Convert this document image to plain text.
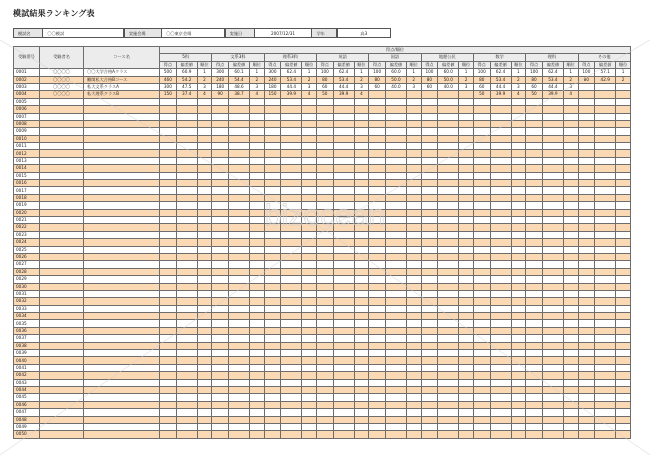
模試結果ランキング表
模試名	〇〇模試	実施会場	〇〇東京会場	実施日	2007/12/31	学年	高3
受験番号	受験者名	コース名	得点/順位																										
			5科			文系3科			理系3科			英語			国語			地歴公民			数学			理科			その他		
			得点	偏差値	順位	得点	偏差値	順位	得点	偏差値	順位	得点	偏差値	順位	得点	偏差値	順位	得点	偏差値	順位	得点	偏差値	順位	得点	偏差値	順位	得点	偏差値	順位
0001	〇〇〇〇	〇〇大学合格Aクラス	500	60.9	1	300	60.1	1	300	62.4	1	100	62.4	1	100	60.0	1	100	60.0	1	100	62.4	1	100	62.4	1	100	57.1	1
0002	〇〇〇〇	難関私大合格Bコース	460	54.2	2	240	54.4	2	240	53.4	2	80	53.4	2	80	50.0	2	80	50.0	2	80	53.4	2	80	53.4	2	80	42.9	2
0003	〇〇〇〇	私大文系クラスA	300	47.5	3	180	48.6	3	180	44.4	3	60	44.4	3	60	40.0	3	60	40.0	3	60	44.4	3	60	44.4	3			
0004	〇〇〇〇	私大理系クラスB	150	37.4	4	90	38.7	4	150	39.9	4	50	39.9	4							50	39.9	4	50	39.9	4			
0005																													
0006																													
0007																													
0008																													
0009																													
0010																													
0011																													
0012																													
0013																													
0014																													
0015																													
0016																													
0017																													
0018																													
0019																													
0020																													
0021																													
0022																													
0023																													
0024																													
0025																													
0026																													
0027																													
0028																													
0029																													
0030																													
0031																													
0032																													
0033																													
0034																													
0035																													
0036																													
0037																													
0038																													
0039																													
0040																													
0041																													
0042																													
0043																													
0044																													
0045																													
0046																													
0047																													
0048																													
0049																													
0050																													
bizocean
